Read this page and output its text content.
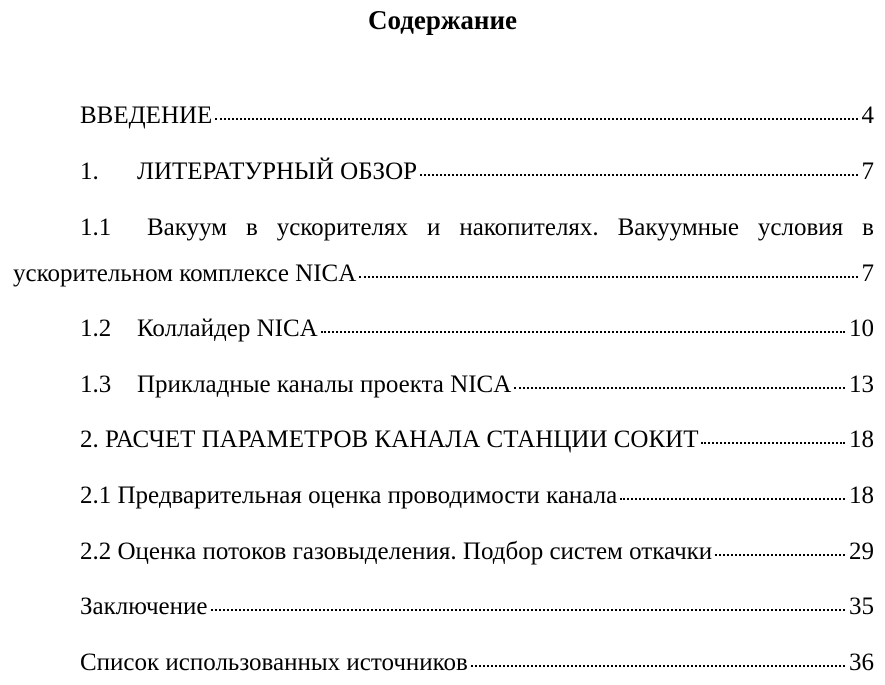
Содержание
ВВЕДЕНИЕ	4
1.	ЛИТЕРАТУРНЫЙ ОБЗОР	7
1.1	Вакуум в ускорителях и накопителях. Вакуумные условия в
ускорительном комплексе NICA	7
1.2	Коллайдер NICA	10
1.3	Прикладные каналы проекта NICA	13
2. РАСЧЕТ ПАРАМЕТРОВ КАНАЛА СТАНЦИИ СОКИТ	18
2.1 Предварительная оценка проводимости канала	18
2.2 Оценка потоков газовыделения. Подбор систем откачки	29
Заключение	35
Список использованных источников	36
